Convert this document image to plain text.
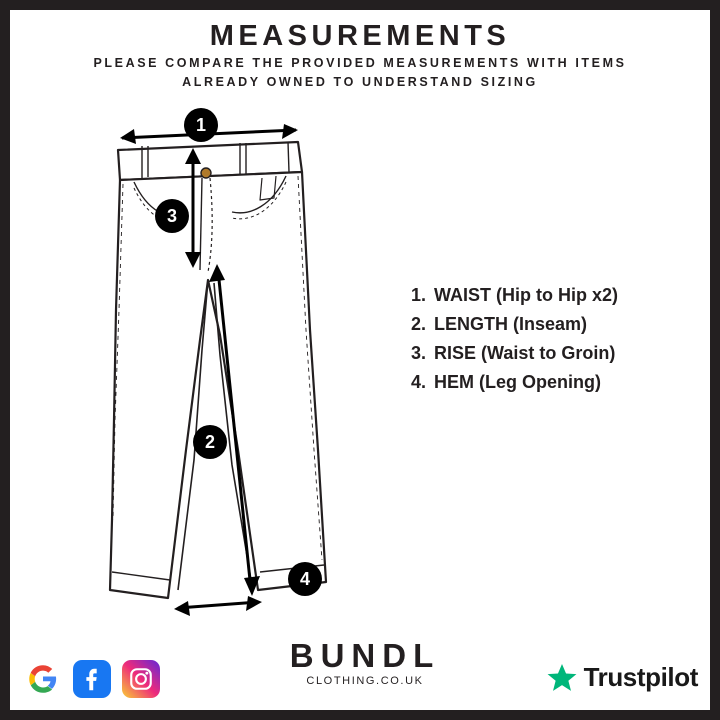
MEASUREMENTS
PLEASE COMPARE THE PROVIDED MEASUREMENTS WITH ITEMS ALREADY OWNED TO UNDERSTAND SIZING
1
3
2
4
1. WAIST (Hip to Hip x2)
2. LENGTH (Inseam)
3. RISE (Waist to Groin)
4. HEM (Leg Opening)
BUNDL
CLOTHING.CO.UK	Trustpilot
